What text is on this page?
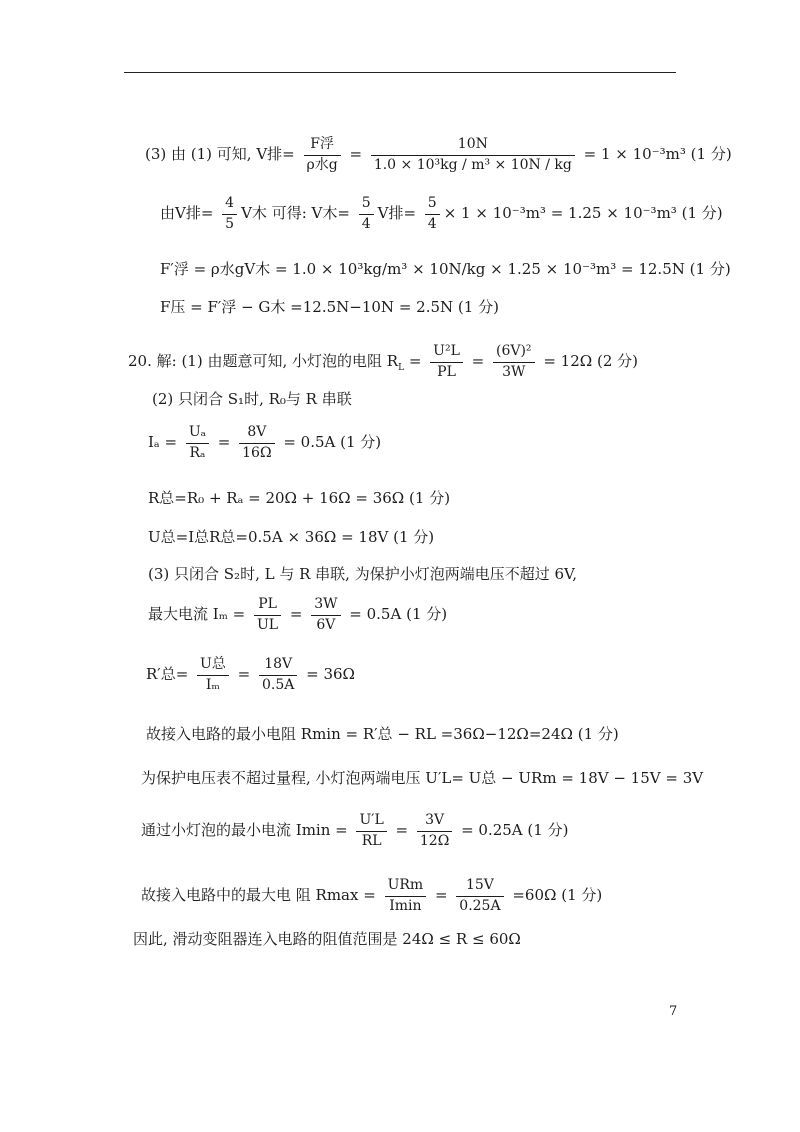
(3) 由 (1) 可知, V排= $\frac{\text{F浮}}{\text{ρ水g}} = \frac{10N}{\text{1.0 × 10³kg / m³ × 10N / kg}} = 1 \times 10^{-3}m^3$ (1 分)
由V排= $\frac{4}{5}$ V木 可得: V木= $\frac{5}{4}$ V排= $\frac{5}{4} \times 1 \times 10^{-3}m^3 = 1.25 \times 10^{-3}m^3$ (1 分)
F′浮 = ρ水gV木 = 1.0 × 10³kg/m³ × 10N/kg × 1.25 × 10⁻³m³ = 12.5N (1 分)
F压 = F′浮 − G木 =12.5N−10N = 2.5N (1 分)
20. 解: (1) 由题意可知, 小灯泡的电阻 $R_L = \frac{\text{U²L}}{PL} = \frac{\text{(6V)²}}{3W} = 12\Omega$ (2 分)
(2) 只闭合 S₁时, R₀与 R 串联
$I_a = \frac{\text{Uₐ}}{\text{Rₐ}} = \frac{8V}{16\Omega} = 0.5A$ (1 分)
R总=R₀ + Rₐ = 20Ω + 16Ω = 36Ω (1 分)
U总=I总R总=0.5A × 36Ω = 18V (1 分)
(3) 只闭合 S₂时, L 与 R 串联, 为保护小灯泡两端电压不超过 6V,
最大电流 $I_m = \frac{PL}{UL} = \frac{3W}{6V} = 0.5A$ (1 分)
R′总= $\frac{\text{U总}}{\text{Iₘ}} = \frac{18V}{0.5A} = 36\Omega$
故接入电路的最小电阻 Rmin = R′总 − RL =36Ω−12Ω=24Ω (1 分)
为保护电压表不超过量程, 小灯泡两端电压 U′L= U总 − URm = 18V − 15V = 3V
通过小灯泡的最小电流 $Imin = \frac{U'L}{RL} = \frac{3V}{12\Omega} = 0.25A$ (1 分)
故接入电路中的最大电 阻 $Rmax = \frac{\text{URm}}{Imin} = \frac{15V}{0.25A} =60\Omega$ (1 分)
因此, 滑动变阻器连入电路的阻值范围是 24Ω ≤ R ≤ 60Ω
7
